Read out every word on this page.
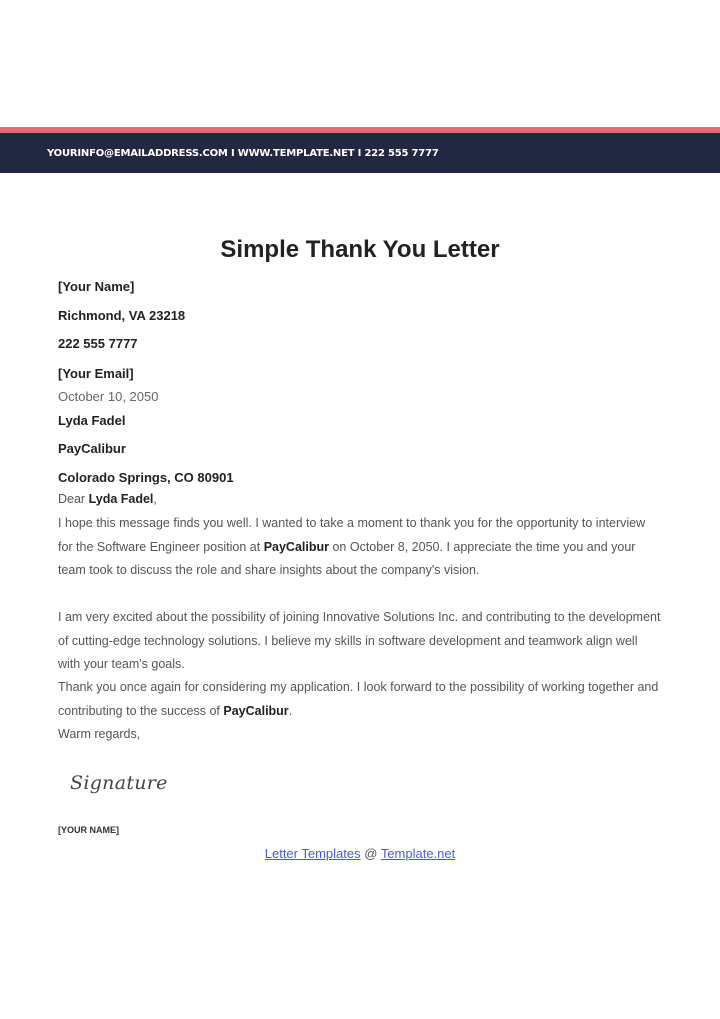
YOURINFO@EMAILADDRESS.COM I WWW.TEMPLATE.NET I 222 555 7777
Simple Thank You Letter
[Your Name]
Richmond, VA 23218
222 555 7777
[Your Email]
October 10, 2050
Lyda Fadel
PayCalibur
Colorado Springs, CO 80901
Dear Lyda Fadel,
I hope this message finds you well. I wanted to take a moment to thank you for the opportunity to interview for the Software Engineer position at PayCalibur on October 8, 2050. I appreciate the time you and your team took to discuss the role and share insights about the company's vision.
I am very excited about the possibility of joining Innovative Solutions Inc. and contributing to the development of cutting-edge technology solutions. I believe my skills in software development and teamwork align well with your team's goals.
Thank you once again for considering my application. I look forward to the possibility of working together and contributing to the success of PayCalibur.
Warm regards,
Signature
[YOUR NAME]
Letter Templates @ Template.net
